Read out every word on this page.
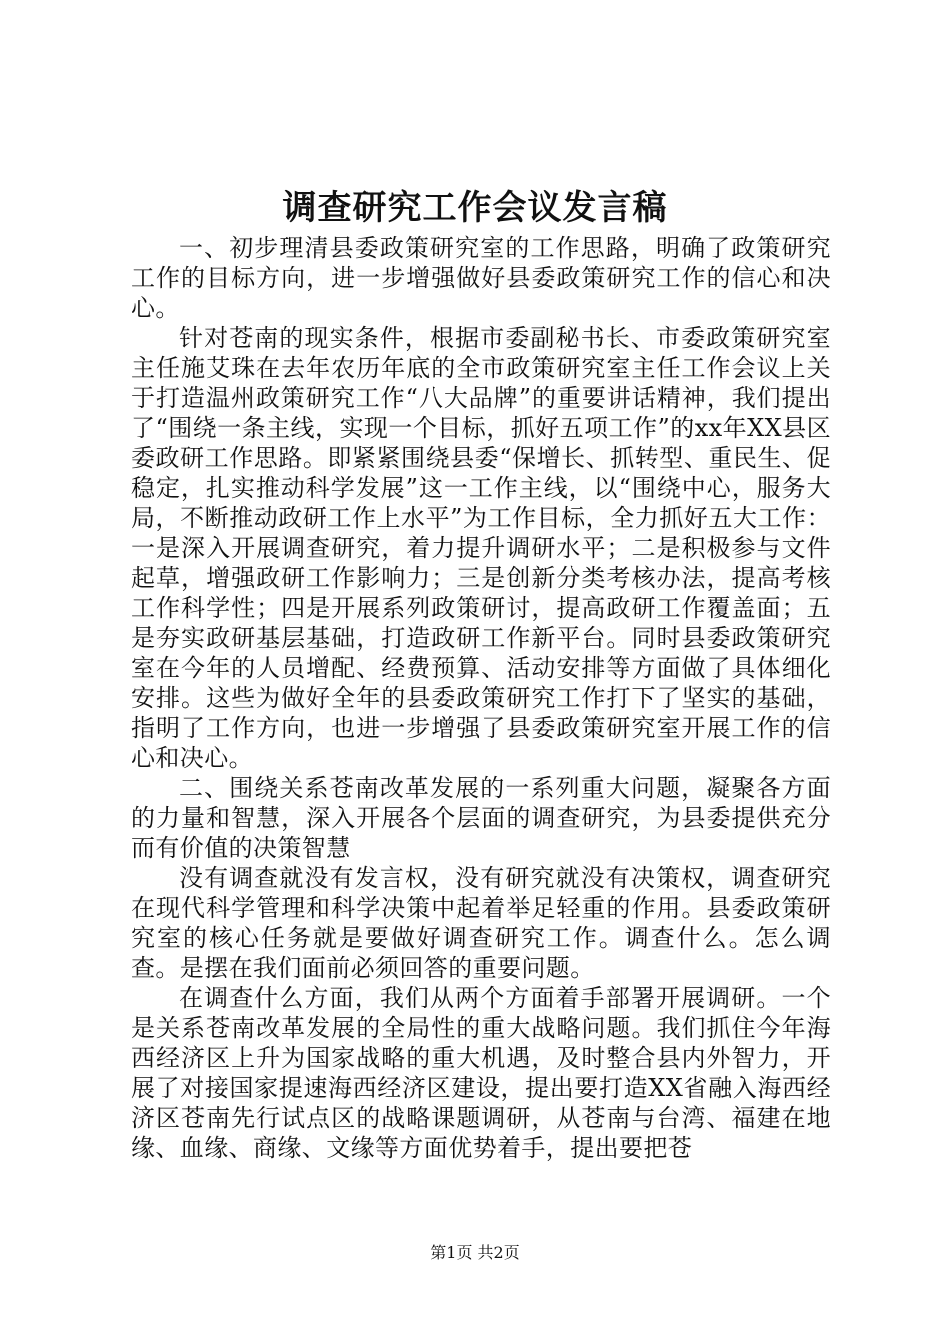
调查研究工作会议发言稿

一、初步理清县委政策研究室的工作思路，明确了政策研究工作的目标方向，进一步增强做好县委政策研究工作的信心和决心。

针对苍南的现实条件，根据市委副秘书长、市委政策研究室主任施艾珠在去年农历年底的全市政策研究室主任工作会议上关于打造温州政策研究工作“八大品牌”的重要讲话精神，我们提出了“围绕一条主线，实现一个目标，抓好五项工作”的xx年XX县区委政研工作思路。即紧紧围绕县委“保增长、抓转型、重民生、促稳定，扎实推动科学发展”这一工作主线，以“围绕中心，服务大局，不断推动政研工作上水平”为工作目标，全力抓好五大工作：一是深入开展调查研究，着力提升调研水平；二是积极参与文件起草，增强政研工作影响力；三是创新分类考核办法，提高考核工作科学性；四是开展系列政策研讨，提高政研工作覆盖面；五是夯实政研基层基础，打造政研工作新平台。同时县委政策研究室在今年的人员增配、经费预算、活动安排等方面做了具体细化安排。这些为做好全年的县委政策研究工作打下了坚实的基础，指明了工作方向，也进一步增强了县委政策研究室开展工作的信心和决心。

二、围绕关系苍南改革发展的一系列重大问题，凝聚各方面的力量和智慧，深入开展各个层面的调查研究，为县委提供充分而有价值的决策智慧

没有调查就没有发言权，没有研究就没有决策权，调查研究在现代科学管理和科学决策中起着举足轻重的作用。县委政策研究室的核心任务就是要做好调查研究工作。调查什么。怎么调查。是摆在我们面前必须回答的重要问题。

在调查什么方面，我们从两个方面着手部署开展调研。一个是关系苍南改革发展的全局性的重大战略问题。我们抓住今年海西经济区上升为国家战略的重大机遇，及时整合县内外智力，开展了对接国家提速海西经济区建设，提出要打造XX省融入海西经济区苍南先行试点区的战略课题调研，从苍南与台湾、福建在地缘、血缘、商缘、文缘等方面优势着手，提出要把苍

第1页 共2页
